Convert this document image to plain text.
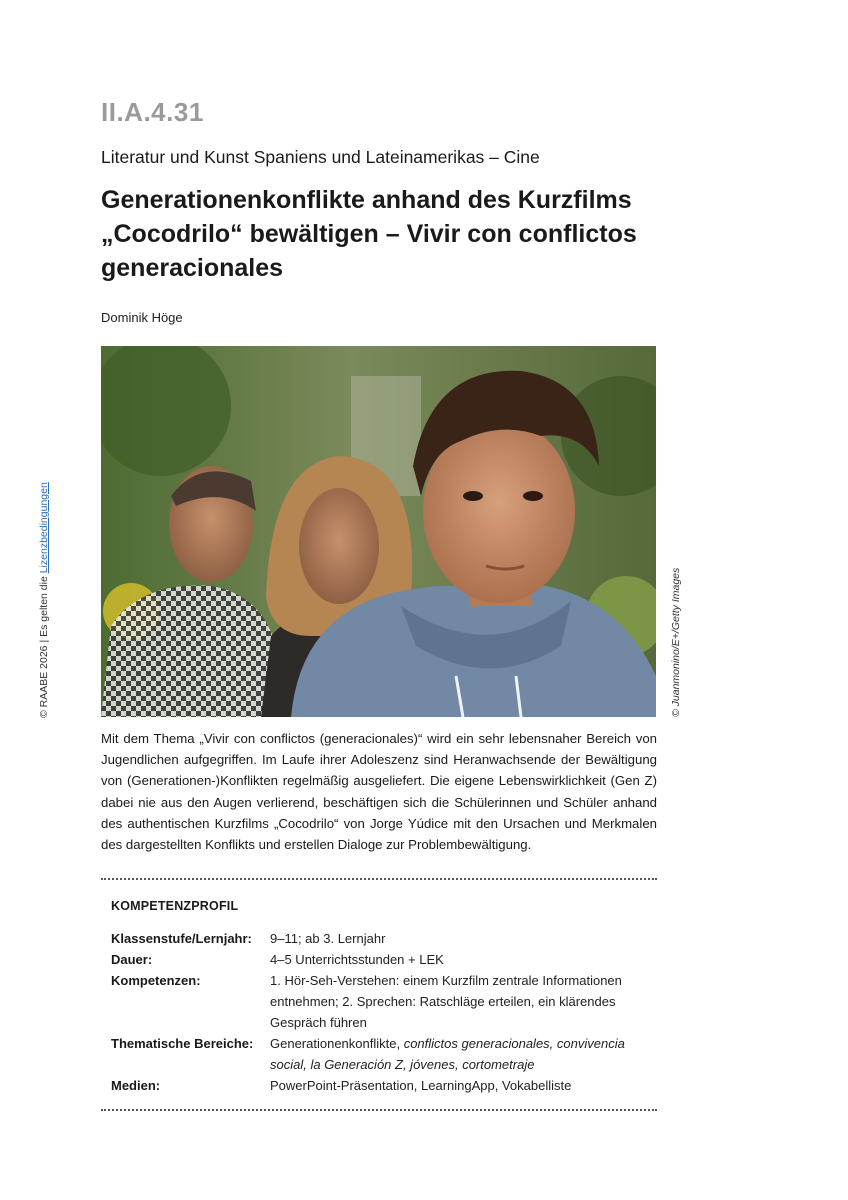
II.A.4.31
Literatur und Kunst Spaniens und Lateinamerikas – Cine
Generationenkonflikte anhand des Kurzfilms „Cocodrilo“ bewältigen – Vivir con conflictos generacionales
Dominik Höge
© Juanmonino/E+/Getty Images
© RAABE 2026 | Es gelten die Lizenzbedingungen

Mit dem Thema „Vivir con conflictos (generacionales)“ wird ein sehr lebensnaher Bereich von Jugendlichen aufgegriffen. Im Laufe ihrer Adoleszenz sind Heranwachsende der Bewältigung von (Generationen-)Konflikten regelmäßig ausgeliefert. Die eigene Lebenswirklichkeit (Gen Z) dabei nie aus den Augen verlierend, beschäftigen sich die Schülerinnen und Schüler anhand des authentischen Kurzfilms „Cocodrilo“ von Jorge Yúdice mit den Ursachen und Merkmalen des dargestellten Konflikts und erstellen Dialoge zur Problembewältigung.

KOMPETENZPROFIL
Klassenstufe/Lernjahr:	9–11; ab 3. Lernjahr
Dauer:	4–5 Unterrichtsstunden + LEK
Kompetenzen:	1. Hör-Seh-Verstehen: einem Kurzfilm zentrale Informationen entnehmen; 2. Sprechen: Ratschläge erteilen, ein klärendes Gespräch führen
Thematische Bereiche:	Generationenkonflikte, conflictos generacionales, convivencia social, la Generación Z, jóvenes, cortometraje
Medien:	PowerPoint-Präsentation, LearningApp, Vokabelliste
